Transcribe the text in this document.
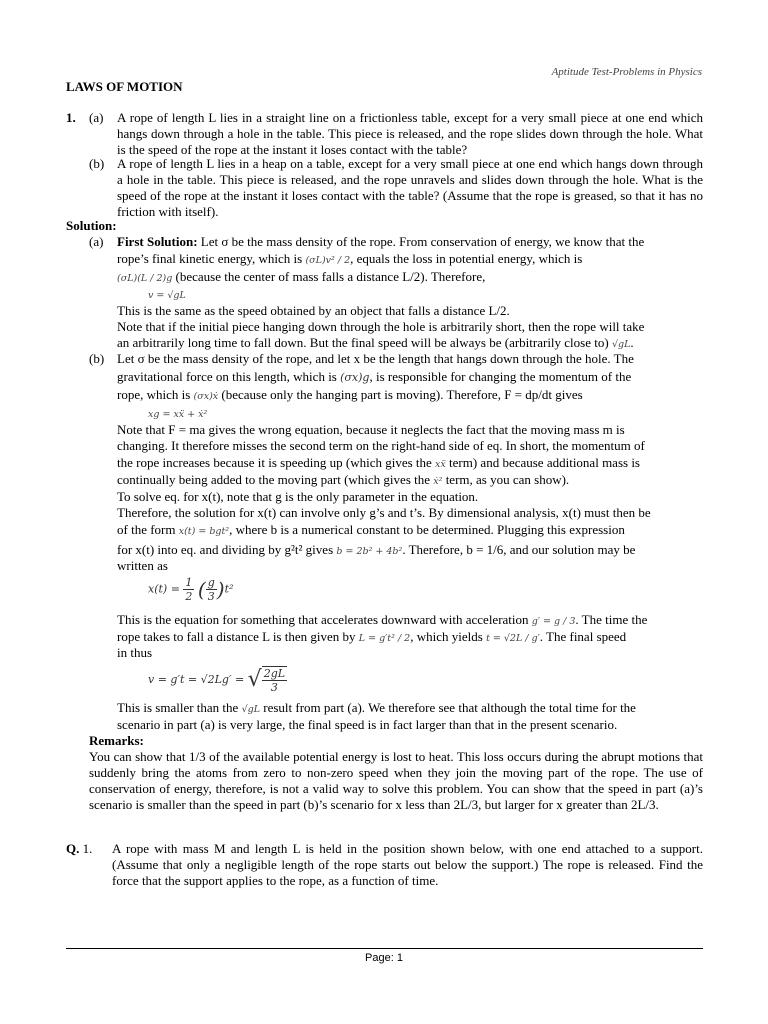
Aptitude Test-Problems in Physics
LAWS OF MOTION
1. (a) A rope of length L lies in a straight line on a frictionless table, except for a very small piece at one end which hangs down through a hole in the table. This piece is released, and the rope slides down through the hole. What is the speed of the rope at the instant it loses contact with the table?
(b) A rope of length L lies in a heap on a table, except for a very small piece at one end which hangs down through a hole in the table. This piece is released, and the rope unravels and slides down through the hole. What is the speed of the rope at the instant it loses contact with the table? (Assume that the rope is greased, so that it has no friction with itself).
Solution:
(a) First Solution: Let σ be the mass density of the rope. From conservation of energy, we know that the
rope’s final kinetic energy, which is (σL)v² / 2, equals the loss in potential energy, which is
(σL)(L / 2)g (because the center of mass falls a distance L/2). Therefore,
v = √gL
This is the same as the speed obtained by an object that falls a distance L/2.
Note that if the initial piece hanging down through the hole is arbitrarily short, then the rope will take
an arbitrarily long time to fall down. But the final speed will be always be (arbitrarily close to) √gL.
(b) Let σ be the mass density of the rope, and let x be the length that hangs down through the hole. The
gravitational force on this length, which is (σx)g, is responsible for changing the momentum of the
rope, which is (σx)ẋ (because only the hanging part is moving). Therefore, F = dp/dt gives
xg = xẍ + ẋ²
Note that F = ma gives the wrong equation, because it neglects the fact that the moving mass m is
changing. It therefore misses the second term on the right-hand side of eq. In short, the momentum of
the rope increases because it is speeding up (which gives the xẍ term) and because additional mass is
continually being added to the moving part (which gives the ẋ² term, as you can show).
To solve eq. for x(t), note that g is the only parameter in the equation.
Therefore, the solution for x(t) can involve only g’s and t’s. By dimensional analysis, x(t) must then be
of the form x(t) = bgt², where b is a numerical constant to be determined. Plugging this expression
for x(t) into eq. and dividing by g²t² gives b = 2b² + 4b². Therefore, b = 1/6, and our solution may be
written as
$x(t) = \frac{1}{2}$ ( $\frac{g}{3} )t^2$
This is the equation for something that accelerates downward with acceleration g′ = g / 3. The time the
rope takes to fall a distance L is then given by L = g′t² / 2, which yields t = √2L / g′. The final speed
in thus
v = g′t = √2Lg′ = √ $\frac{2gL}{3}$
This is smaller than the √gL result from part (a). We therefore see that although the total time for the
scenario in part (a) is very large, the final speed is in fact larger than that in the present scenario.
Remarks:
You can show that 1/3 of the available potential energy is lost to heat. This loss occurs during the abrupt motions that suddenly bring the atoms from zero to non-zero speed when they join the moving part of the rope. The use of conservation of energy, therefore, is not a valid way to solve this problem. You can show that the speed in part (a)’s scenario is smaller than the speed in part (b)’s scenario for x less than 2L/3, but larger for x greater than 2L/3.
Q. 1. A rope with mass M and length L is held in the position shown below, with one end attached to a support. (Assume that only a negligible length of the rope starts out below the support.) The rope is released. Find the force that the support applies to the rope, as a function of time.
Page: 1
